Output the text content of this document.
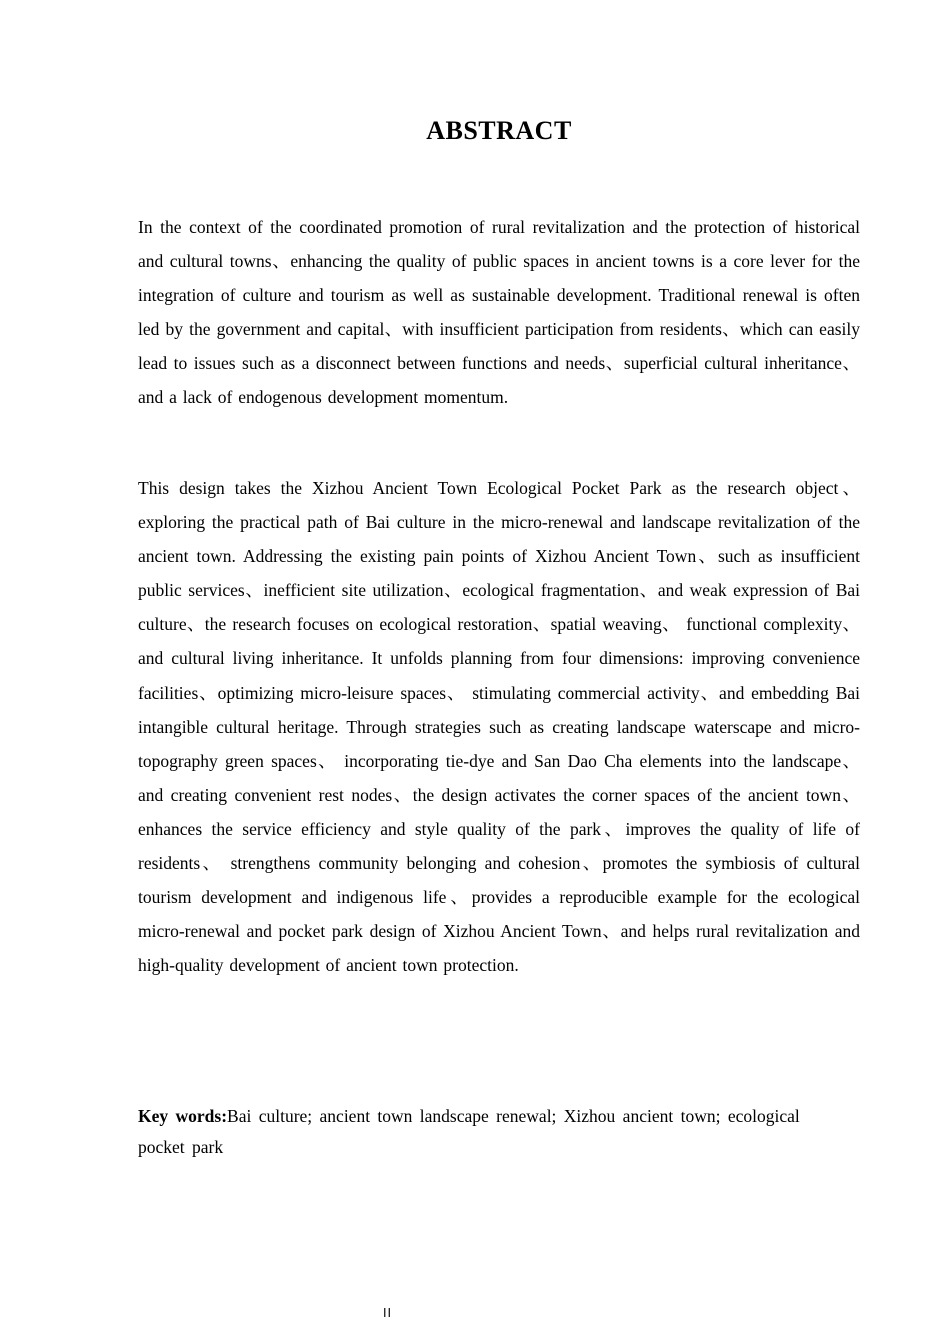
ABSTRACT

In the context of the coordinated promotion of rural revitalization and the protection of historical and cultural towns、enhancing the quality of public spaces in ancient towns is a core lever for the integration of culture and tourism as well as sustainable development. Traditional renewal is often led by the government and capital、with insufficient participation from residents、which can easily lead to issues such as a disconnect between functions and needs、superficial cultural inheritance、and a lack of endogenous development momentum.

This design takes the Xizhou Ancient Town Ecological Pocket Park as the research object、 exploring the practical path of Bai culture in the micro-renewal and landscape revitalization of the ancient town. Addressing the existing pain points of Xizhou Ancient Town、such as insufficient public services、inefficient site utilization、ecological fragmentation、and weak expression of Bai culture、the research focuses on ecological restoration、spatial weaving、 functional complexity、and cultural living inheritance. It unfolds planning from four dimensions: improving convenience facilities、optimizing micro-leisure spaces、 stimulating commercial activity、and embedding Bai intangible cultural heritage. Through strategies such as creating landscape waterscape and micro-topography green spaces、 incorporating tie-dye and San Dao Cha elements into the landscape、and creating convenient rest nodes、the design activates the corner spaces of the ancient town、enhances the service efficiency and style quality of the park、improves the quality of life of residents、 strengthens community belonging and cohesion、promotes the symbiosis of cultural tourism development and indigenous life、provides a reproducible example for the ecological micro-renewal and pocket park design of Xizhou Ancient Town、and helps rural revitalization and high-quality development of ancient town protection.

Key words:Bai culture; ancient town landscape renewal; Xizhou ancient town; ecological pocket park

II
